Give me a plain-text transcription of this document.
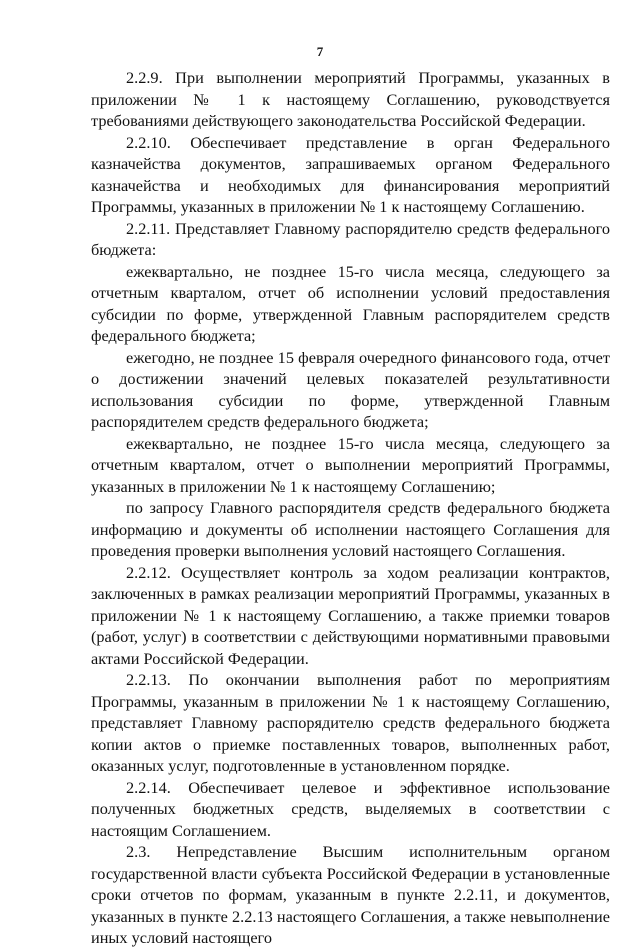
7

2.2.9. При выполнении мероприятий Программы, указанных в приложении № 1 к настоящему Соглашению, руководствуется требованиями действующего законодательства Российской Федерации.

2.2.10. Обеспечивает представление в орган Федерального казначейства документов, запрашиваемых органом Федерального казначейства и необходимых для финансирования мероприятий Программы, указанных в приложении № 1 к настоящему Соглашению.

2.2.11. Представляет Главному распорядителю средств федерального бюджета:

ежеквартально, не позднее 15-го числа месяца, следующего за отчетным кварталом, отчет об исполнении условий предоставления субсидии по форме, утвержденной Главным распорядителем средств федерального бюджета;

ежегодно, не позднее 15 февраля очередного финансового года, отчет о достижении значений целевых показателей результативности использования субсидии по форме, утвержденной Главным распорядителем средств федерального бюджета;

ежеквартально, не позднее 15-го числа месяца, следующего за отчетным кварталом, отчет о выполнении мероприятий Программы, указанных в приложении № 1 к настоящему Соглашению;

по запросу Главного распорядителя средств федерального бюджета информацию и документы об исполнении настоящего Соглашения для проведения проверки выполнения условий настоящего Соглашения.

2.2.12. Осуществляет контроль за ходом реализации контрактов, заключенных в рамках реализации мероприятий Программы, указанных в приложении № 1 к настоящему Соглашению, а также приемки товаров (работ, услуг) в соответствии с действующими нормативными правовыми актами Российской Федерации.

2.2.13. По окончании выполнения работ по мероприятиям Программы, указанным в приложении № 1 к настоящему Соглашению, представляет Главному распорядителю средств федерального бюджета копии актов о приемке поставленных товаров, выполненных работ, оказанных услуг, подготовленные в установленном порядке.

2.2.14. Обеспечивает целевое и эффективное использование полученных бюджетных средств, выделяемых в соответствии с настоящим Соглашением.

2.3. Непредставление Высшим исполнительным органом государственной власти субъекта Российской Федерации в установленные сроки отчетов по формам, указанным в пункте 2.2.11, и документов, указанных в пункте 2.2.13 настоящего Соглашения, а также невыполнение иных условий настоящего
